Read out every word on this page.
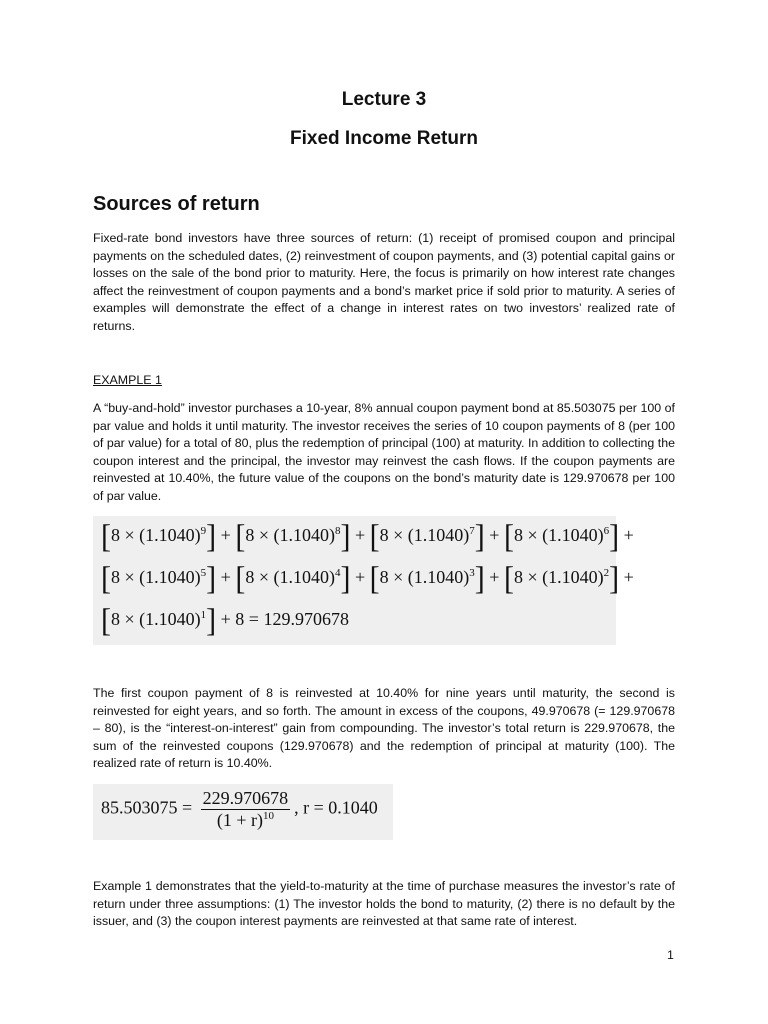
Lecture 3
Fixed Income Return
Sources of return
Fixed-rate bond investors have three sources of return: (1) receipt of promised coupon and principal payments on the scheduled dates, (2) reinvestment of coupon payments, and (3) potential capital gains or losses on the sale of the bond prior to maturity. Here, the focus is primarily on how interest rate changes affect the reinvestment of coupon payments and a bond’s market price if sold prior to maturity. A series of examples will demonstrate the effect of a change in interest rates on two investors’ realized rate of returns.
EXAMPLE 1
A “buy-and-hold” investor purchases a 10-year, 8% annual coupon payment bond at 85.503075 per 100 of par value and holds it until maturity. The investor receives the series of 10 coupon payments of 8 (per 100 of par value) for a total of 80, plus the redemption of principal (100) at maturity. In addition to collecting the coupon interest and the principal, the investor may reinvest the cash flows. If the coupon payments are reinvested at 10.40%, the future value of the coupons on the bond’s maturity date is 129.970678 per 100 of par value.
$[8 \times (1.1040)^9] + [8 \times (1.1040)^8] + [8 \times (1.1040)^7] + [8 \times (1.1040)^6]$ +
$[8 \times (1.1040)^5] + [8 \times (1.1040)^4] + [8 \times (1.1040)^3] + [8 \times (1.1040)^2]$ +
$[8 \times (1.1040)^1] + 8 = 129.970678$
The first coupon payment of 8 is reinvested at 10.40% for nine years until maturity, the second is reinvested for eight years, and so forth. The amount in excess of the coupons, 49.970678 (= 129.970678 – 80), is the “interest-on-interest” gain from compounding. The investor’s total return is 229.970678, the sum of the reinvested coupons (129.970678) and the redemption of principal at maturity (100). The realized rate of return is 10.40%.
$85.503075 = \frac{229.970678}{(1 + r)^{10}}$ , r = 0.1040
Example 1 demonstrates that the yield-to-maturity at the time of purchase measures the investor’s rate of return under three assumptions: (1) The investor holds the bond to maturity, (2) there is no default by the issuer, and (3) the coupon interest payments are reinvested at that same rate of interest.
1
